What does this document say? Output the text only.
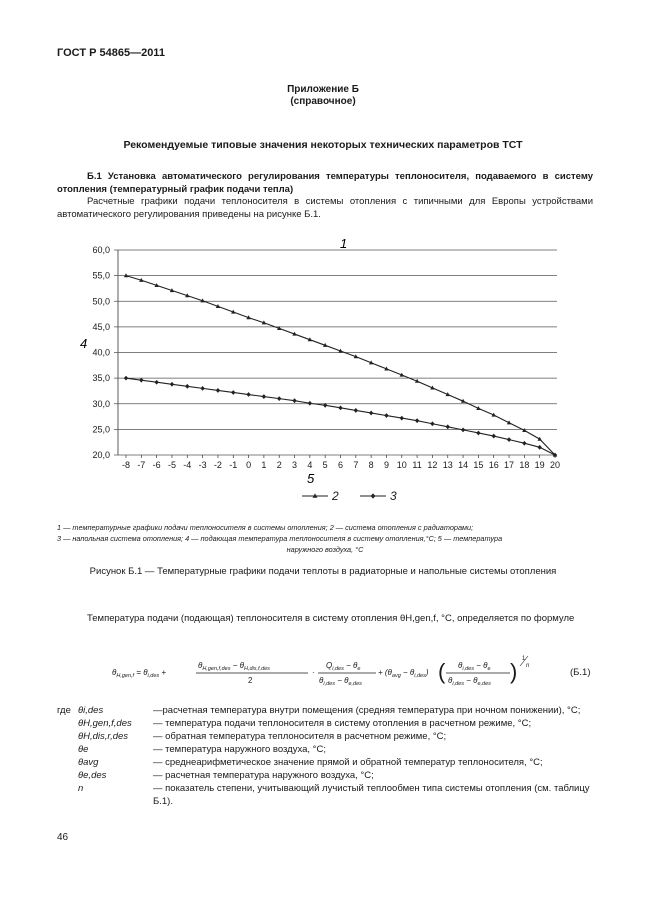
ГОСТ Р 54865—2011
Приложение Б
(справочное)
Рекомендуемые типовые значения некоторых технических параметров ТСТ
Б.1 Установка автоматического регулирования температуры теплоносителя, подаваемого в систему отопления (температурный график подачи тепла)
Расчетные графики подачи теплоносителя в системы отопления с типичными для Европы устройствами автоматического регулирования приведены на рисунке Б.1.
60,0
55,0
50,0
45,0
40,0
35,0
30,0
25,0
20,0
-8 -7 -6 -5 -4 -3 -2 -1 0 1 2 3 4 5 6 7 8 9 10 11 12 13 14 15 16 17 18 19 20
1
4
5
2	3
1 — температурные графики подачи теплоносителя в системы отопления; 2 — система отопления с радиаторами;
3 — напольная система отопления; 4 — подающая температура теплоносителя в систему отопления,°С; 5 — температура
наружного воздуха, °С
Рисунок Б.1 — Температурные графики подачи теплоты в радиаторные и напольные системы отопления
Температура подачи (подающая) теплоносителя в систему отопления θH,gen,f, °C, определяется по формуле
$\theta_{H,gen,f} = \theta_{i,des}$ +
$\theta_{H,gen,f,des} - \theta_{H,dis,f,des}$
2
·
$Q_{i,des} - \theta_e$
$\theta_{i,des} - \theta_{e,des}$
+ $(\theta_{avg} - \theta_{i,des})$ ( $\theta_{i,des} - \theta_e$
$\theta_{i,des} - \theta_{e,des}$ ) 1
n
(Б.1)
где θi,des	—расчетная температура внутри помещения (средняя температура при ночном понижении), °С;
θH,gen,f,des — температура подачи теплоносителя в систему отопления в расчетном режиме, °С;
θH,dis,r,des	— обратная температура теплоносителя в расчетном режиме, °С;
θe	— температура наружного воздуха, °С;
θavg	— среднеарифметическое значение прямой и обратной температур теплоносителя, °С;
θe,des	— расчетная температура наружного воздуха, °С;
n	— показатель степени, учитывающий лучистый теплообмен типа системы отопления (см. таблицу Б.1).
46
